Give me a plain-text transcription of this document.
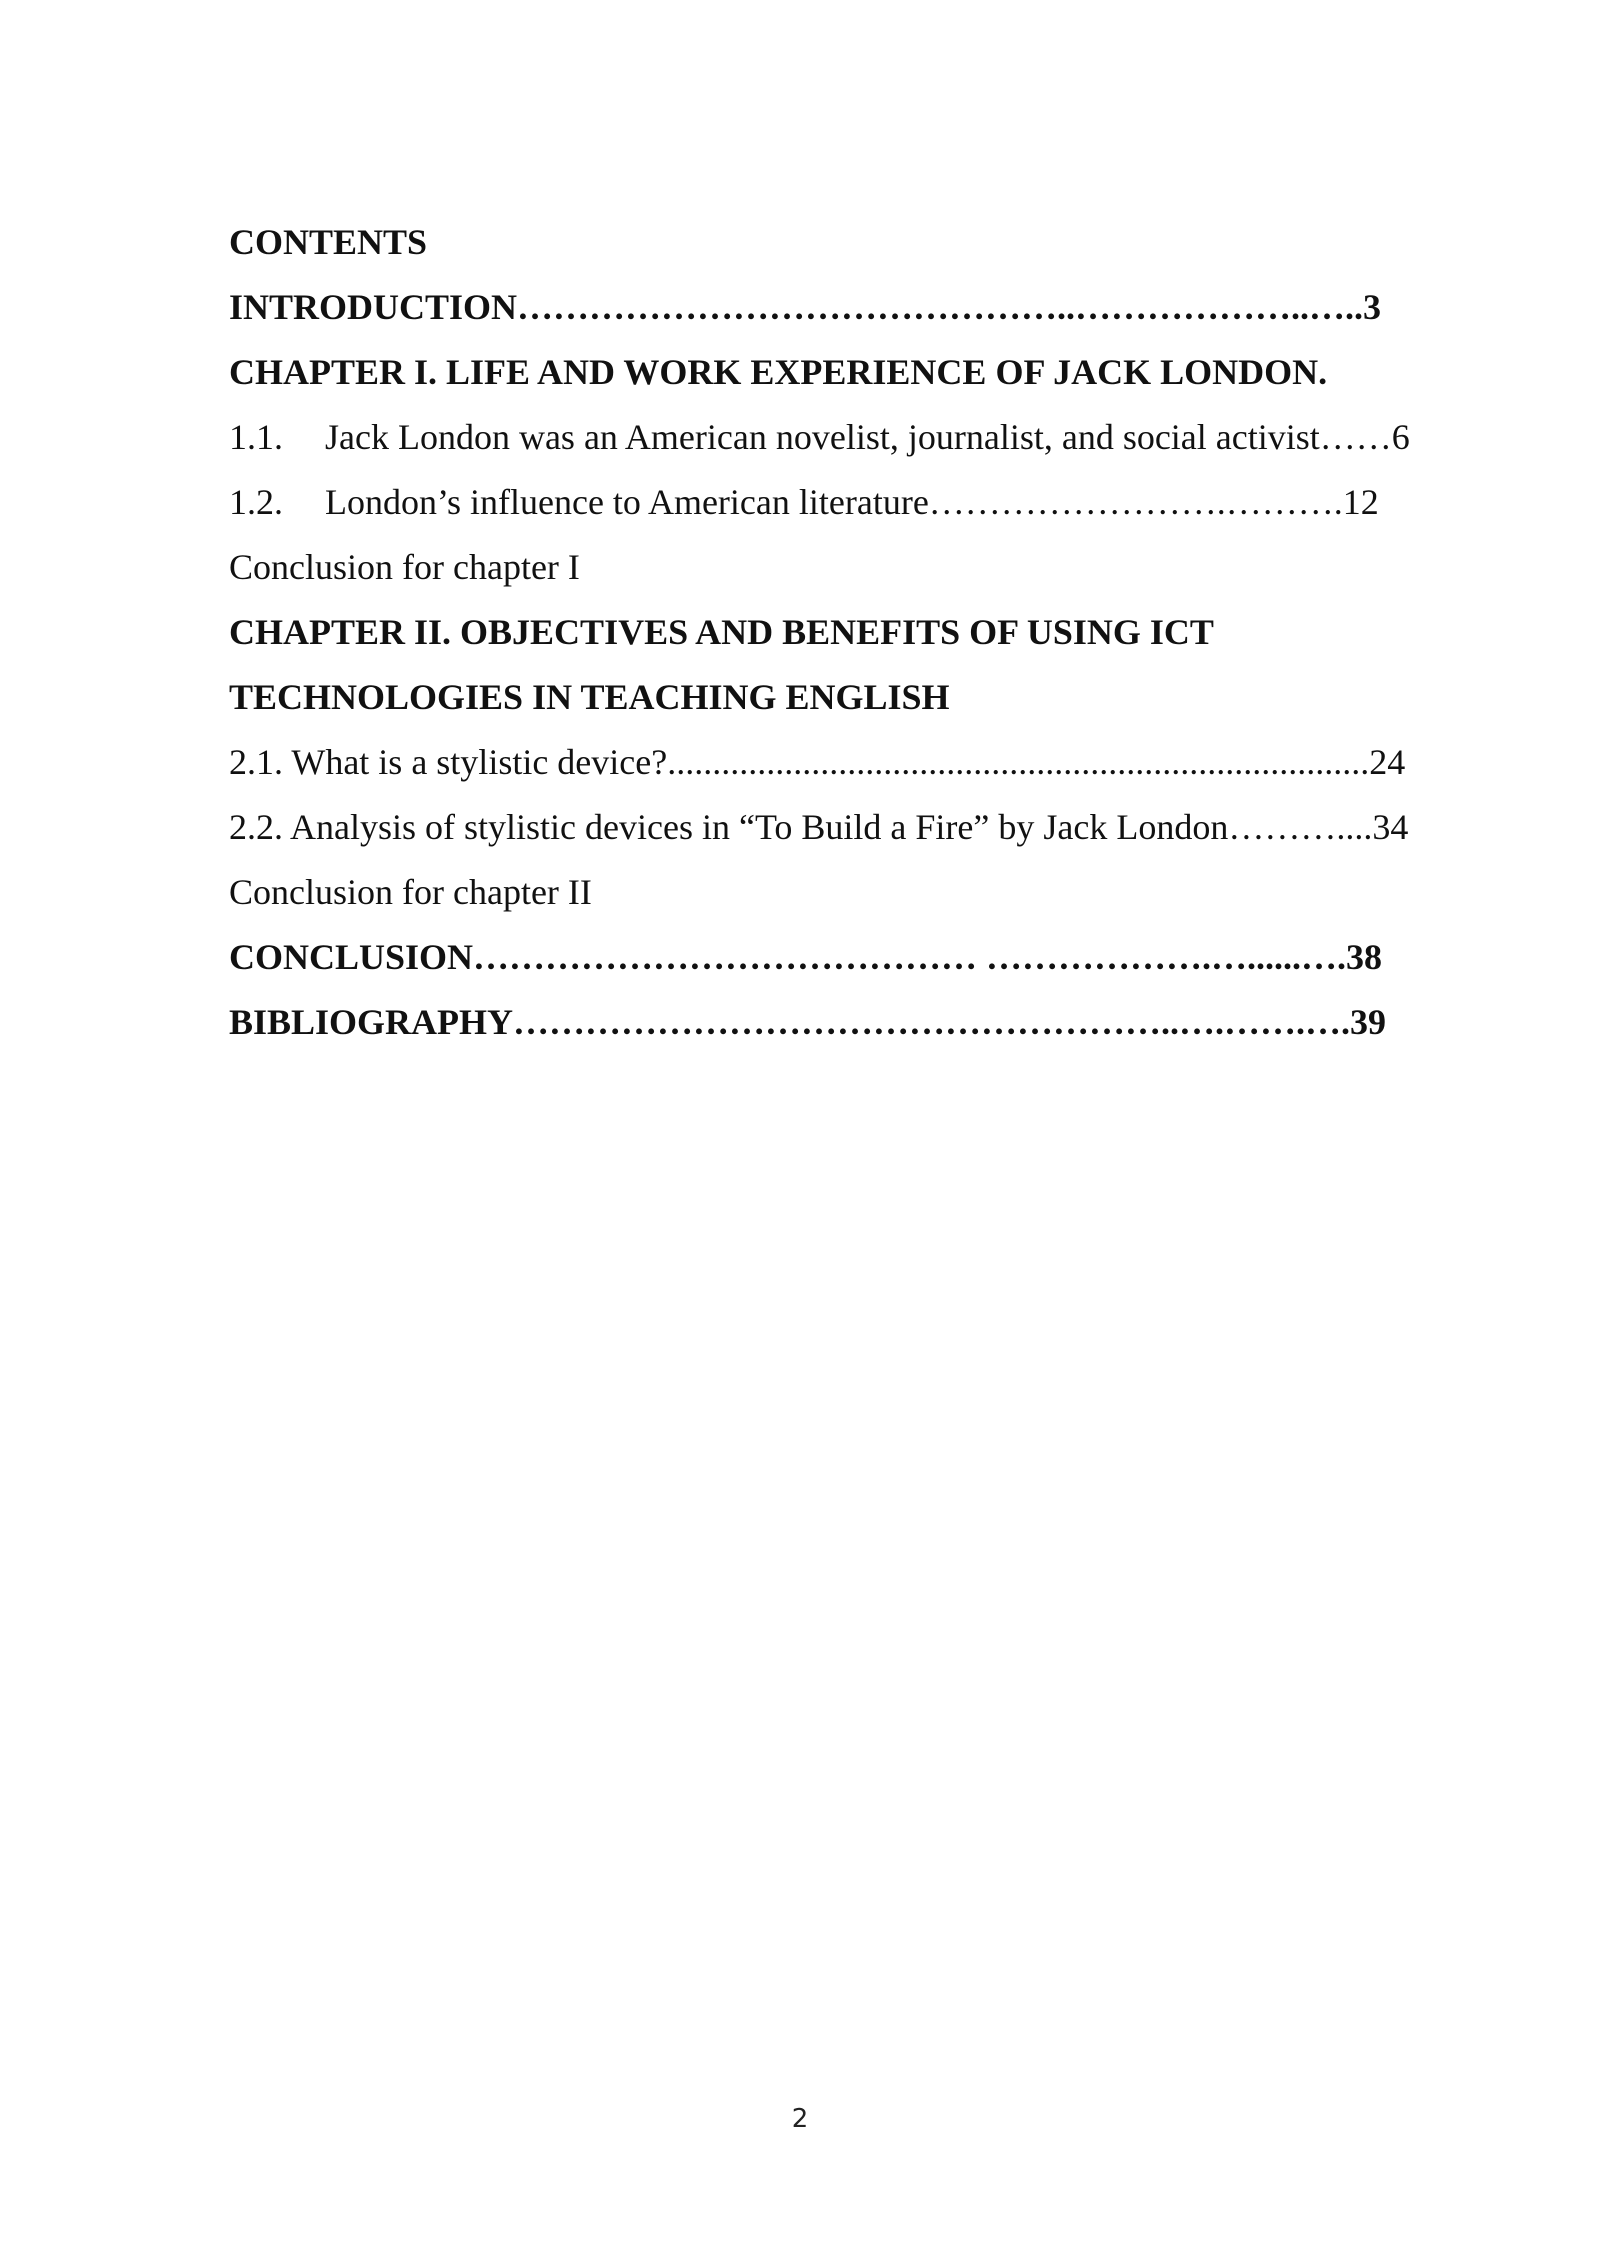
CONTENTS
INTRODUCTION………………………………………..………………..…..3
CHAPTER I. LIFE AND WORK EXPERIENCE OF JACK LONDON.
1.1. Jack London was an American novelist, journalist, and social activist……6
1.2. London’s influence to American literature…………………….……….12
Conclusion for chapter I
CHAPTER II. OBJECTIVES AND BENEFITS OF USING ICT
TECHNOLOGIES IN TEACHING ENGLISH
2.1. What is a stylistic device?..............................................................................24
2.2. Analysis of stylistic devices in “To Build a Fire” by Jack London………....34
Conclusion for chapter II
CONCLUSION…………………………………… ……………….…......….38
BIBLIOGRAPHY………………………………………………..….…….….39
2
